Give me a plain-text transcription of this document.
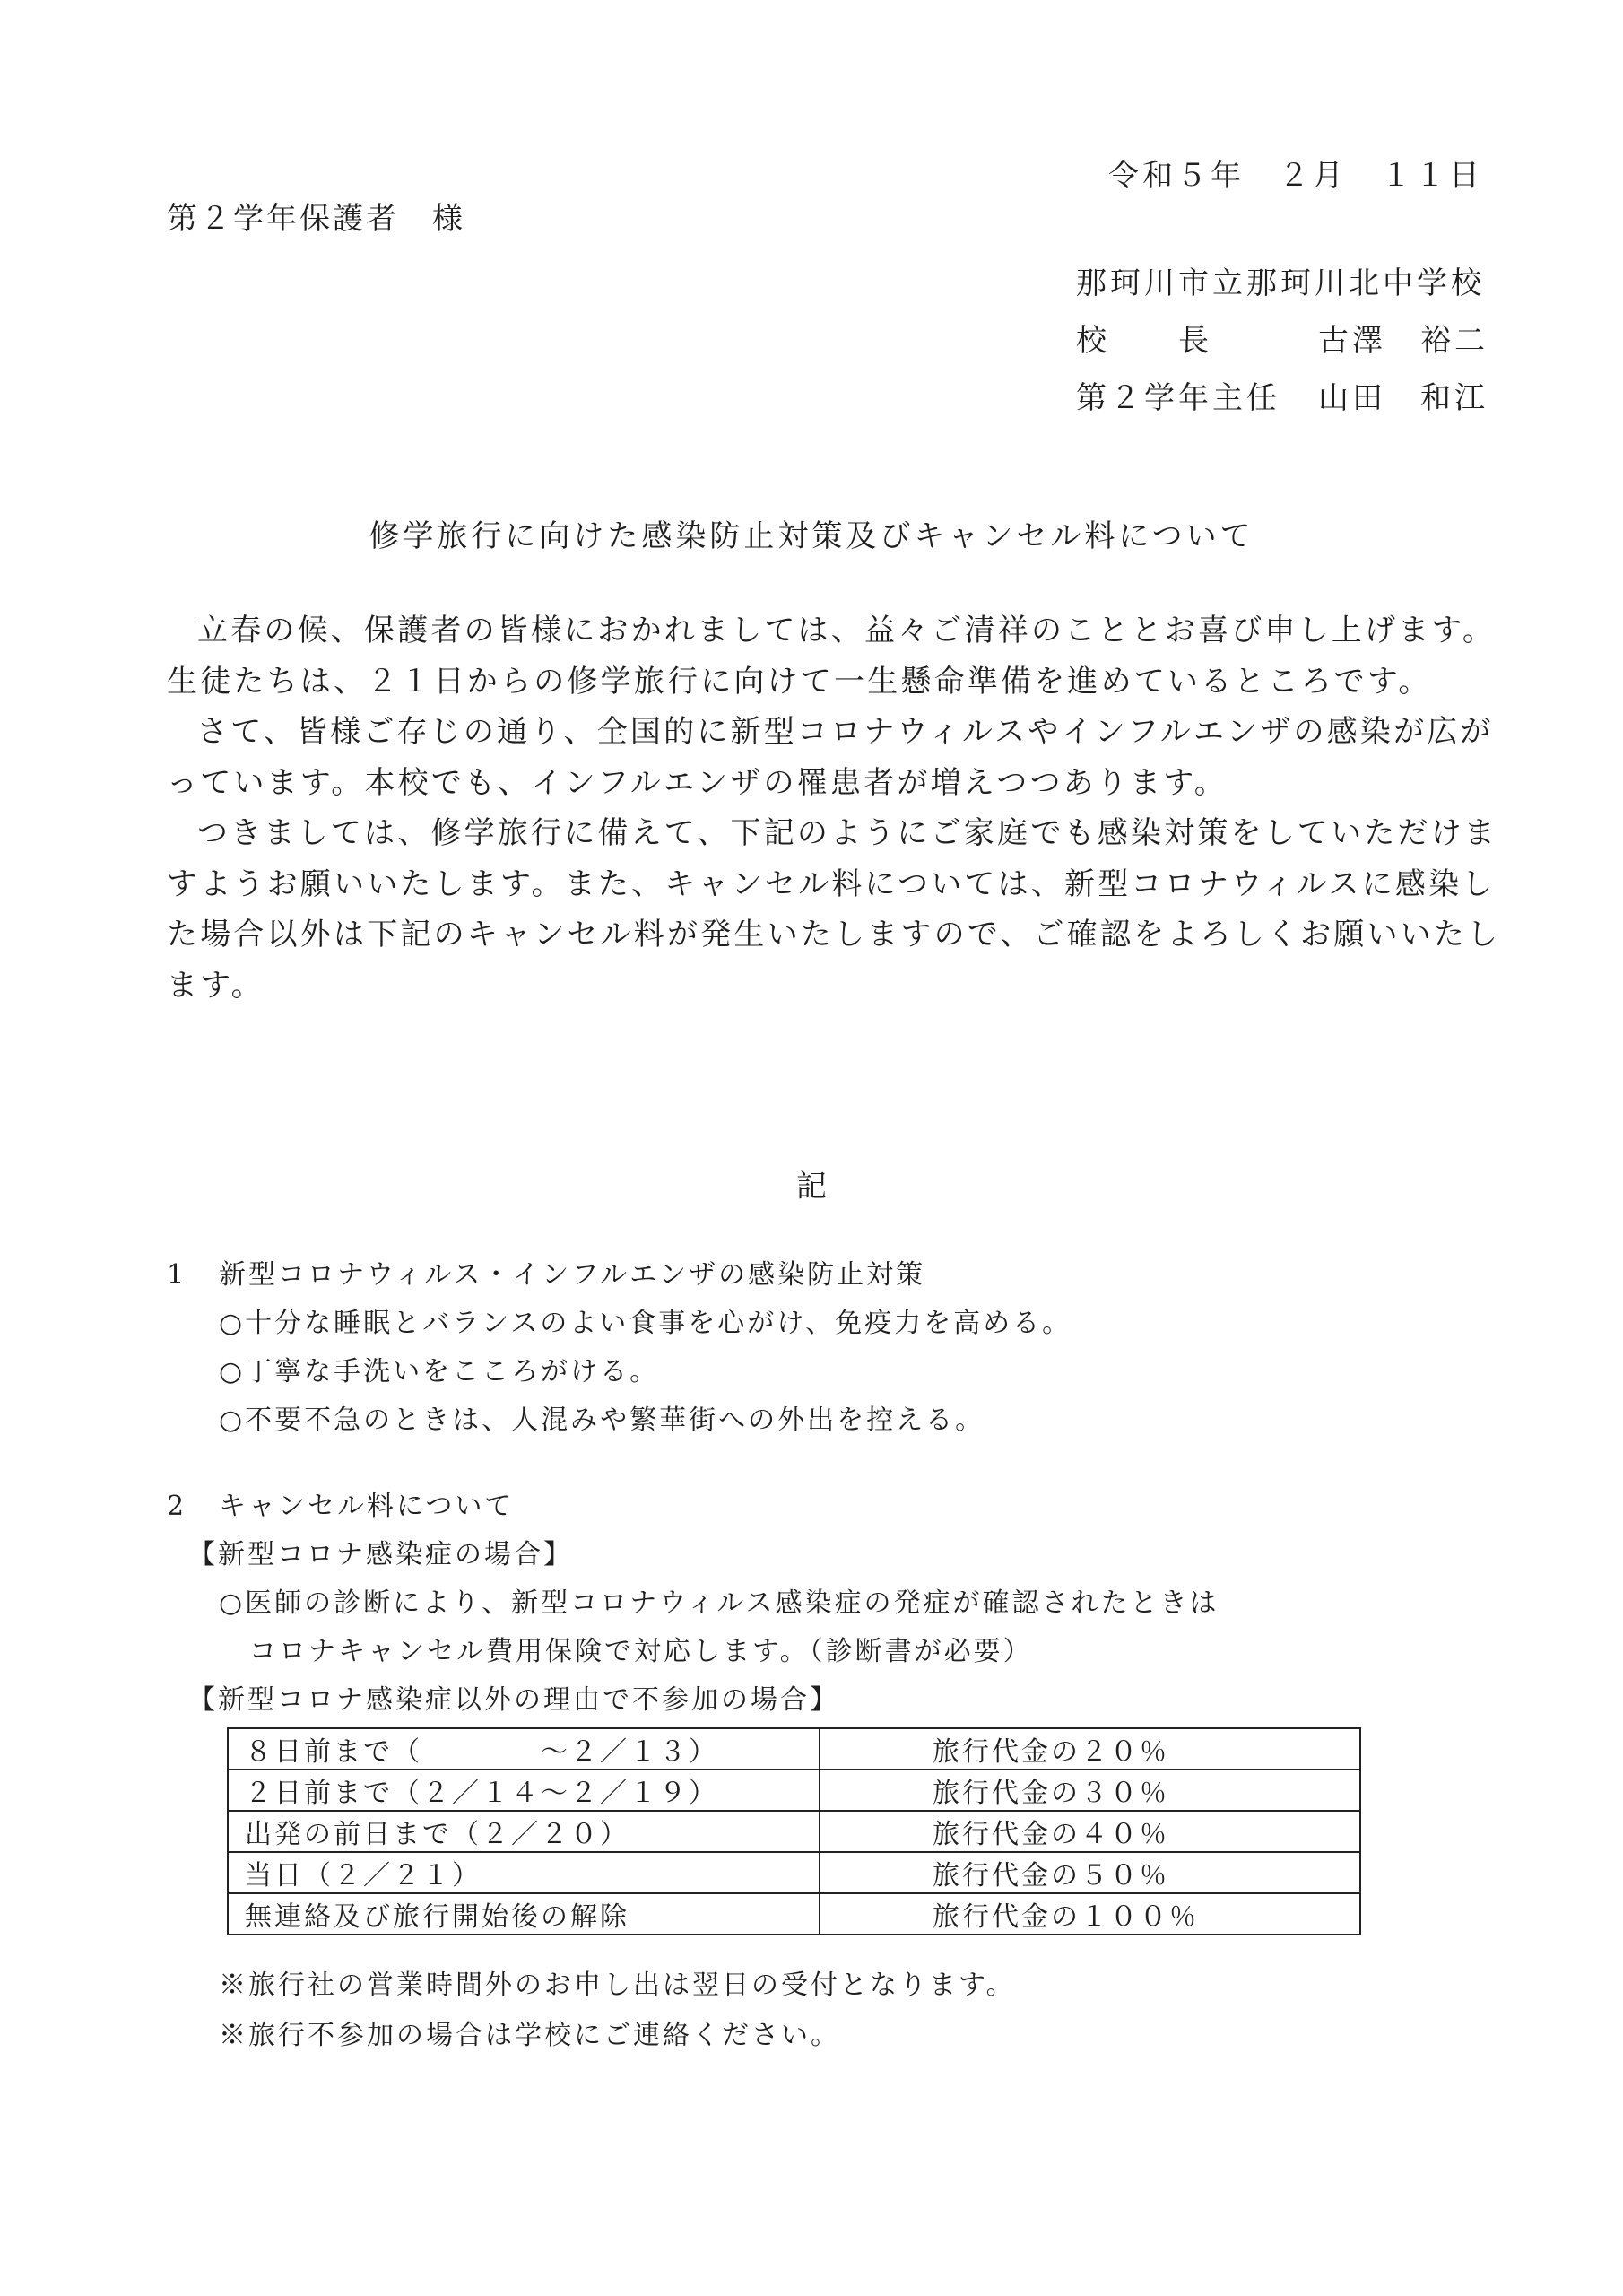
令和５年　２月　１１日
第２学年保護者　様
那珂川市立那珂川北中学校
校　　長	古澤　裕二
第２学年主任 山田　和江
修学旅行に向けた感染防止対策及びキャンセル料について

立春の候、保護者の皆様におかれましては、益々ご清祥のこととお喜び申し上げます。生徒たちは、２１日からの修学旅行に向けて一生懸命準備を進めているところです。

さて、皆様ご存じの通り、全国的に新型コロナウィルスやインフルエンザの感染が広がっています。本校でも、インフルエンザの罹患者が増えつつあります。

つきましては、修学旅行に備えて、下記のようにご家庭でも感染対策をしていただけますようお願いいたします。また、キャンセル料については、新型コロナウィルスに感染した場合以外は下記のキャンセル料が発生いたしますので、ご確認をよろしくお願いいたします。

記
1 新型コロナウィルス・インフルエンザの感染防止対策
○十分な睡眠とバランスのよい食事を心がけ、免疫力を高める。
○丁寧な手洗いをこころがける。
○不要不急のときは、人混みや繁華街への外出を控える。
2 キャンセル料について
【新型コロナ感染症の場合】
○医師の診断により、新型コロナウィルス感染症の発症が確認されたときは
コロナキャンセル費用保険で対応します。（診断書が必要）
【新型コロナ感染症以外の理由で不参加の場合】
８日前まで（　　　　～２／１３）	旅行代金の２０％
２日前まで（２／１４～２／１９）	旅行代金の３０％
出発の前日まで（２／２０）	旅行代金の４０％
当日（２／２１）	旅行代金の５０％
無連絡及び旅行開始後の解除	旅行代金の１００％
※旅行社の営業時間外のお申し出は翌日の受付となります。
※旅行不参加の場合は学校にご連絡ください。
